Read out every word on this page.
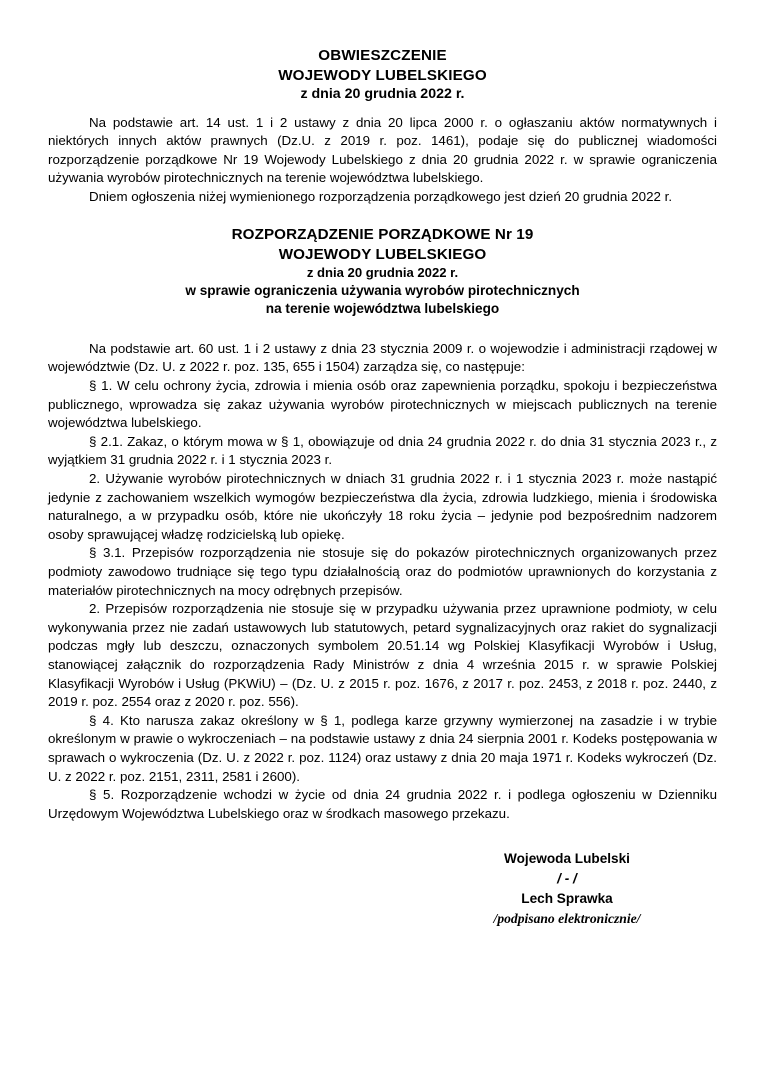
OBWIESZCZENIE
WOJEWODY LUBELSKIEGO
z dnia 20 grudnia 2022 r.

Na podstawie art. 14 ust. 1 i 2 ustawy z dnia 20 lipca 2000 r. o ogłaszaniu aktów normatywnych i niektórych innych aktów prawnych (Dz.U. z 2019 r. poz. 1461), podaje się do publicznej wiadomości rozporządzenie porządkowe Nr 19 Wojewody Lubelskiego z dnia 20 grudnia 2022 r. w sprawie ograniczenia używania wyrobów pirotechnicznych na terenie województwa lubelskiego.

Dniem ogłoszenia niżej wymienionego rozporządzenia porządkowego jest dzień 20 grudnia 2022 r.

ROZPORZĄDZENIE PORZĄDKOWE Nr 19
WOJEWODY LUBELSKIEGO
z dnia 20 grudnia 2022 r.
w sprawie ograniczenia używania wyrobów pirotechnicznych
na terenie województwa lubelskiego

Na podstawie art. 60 ust. 1 i 2 ustawy z dnia 23 stycznia 2009 r. o wojewodzie i administracji rządowej w województwie (Dz. U. z 2022 r. poz. 135, 655 i 1504) zarządza się, co następuje:

§ 1. W celu ochrony życia, zdrowia i mienia osób oraz zapewnienia porządku, spokoju i bezpieczeństwa publicznego, wprowadza się zakaz używania wyrobów pirotechnicznych w miejscach publicznych na terenie województwa lubelskiego.

§ 2.1. Zakaz, o którym mowa w § 1, obowiązuje od dnia 24 grudnia 2022 r. do dnia 31 stycznia 2023 r., z wyjątkiem 31 grudnia 2022 r. i 1 stycznia 2023 r.

2. Używanie wyrobów pirotechnicznych w dniach 31 grudnia 2022 r. i 1 stycznia 2023 r. może nastąpić jedynie z zachowaniem wszelkich wymogów bezpieczeństwa dla życia, zdrowia ludzkiego, mienia i środowiska naturalnego, a w przypadku osób, które nie ukończyły 18 roku życia – jedynie pod bezpośrednim nadzorem osoby sprawującej władzę rodzicielską lub opiekę.

§ 3.1. Przepisów rozporządzenia nie stosuje się do pokazów pirotechnicznych organizowanych przez podmioty zawodowo trudniące się tego typu działalnością oraz do podmiotów uprawnionych do korzystania z materiałów pirotechnicznych na mocy odrębnych przepisów.

2. Przepisów rozporządzenia nie stosuje się w przypadku używania przez uprawnione podmioty, w celu wykonywania przez nie zadań ustawowych lub statutowych, petard sygnalizacyjnych oraz rakiet do sygnalizacji podczas mgły lub deszczu, oznaczonych symbolem 20.51.14 wg Polskiej Klasyfikacji Wyrobów i Usług, stanowiącej załącznik do rozporządzenia Rady Ministrów z dnia 4 września 2015 r. w sprawie Polskiej Klasyfikacji Wyrobów i Usług (PKWiU) – (Dz. U. z 2015 r. poz. 1676, z 2017 r. poz. 2453, z 2018 r. poz. 2440, z 2019 r. poz. 2554 oraz z 2020 r. poz. 556).

§ 4. Kto narusza zakaz określony w § 1, podlega karze grzywny wymierzonej na zasadzie i w trybie określonym w prawie o wykroczeniach – na podstawie ustawy z dnia 24 sierpnia 2001 r. Kodeks postępowania w sprawach o wykroczenia (Dz. U. z 2022 r. poz. 1124) oraz ustawy z dnia 20 maja 1971 r. Kodeks wykroczeń (Dz. U. z 2022 r. poz. 2151, 2311, 2581 i 2600).

§ 5. Rozporządzenie wchodzi w życie od dnia 24 grudnia 2022 r. i podlega ogłoszeniu w Dzienniku Urzędowym Województwa Lubelskiego oraz w środkach masowego przekazu.

Wojewoda Lubelski
/ - /
Lech Sprawka
/podpisano elektronicznie/
